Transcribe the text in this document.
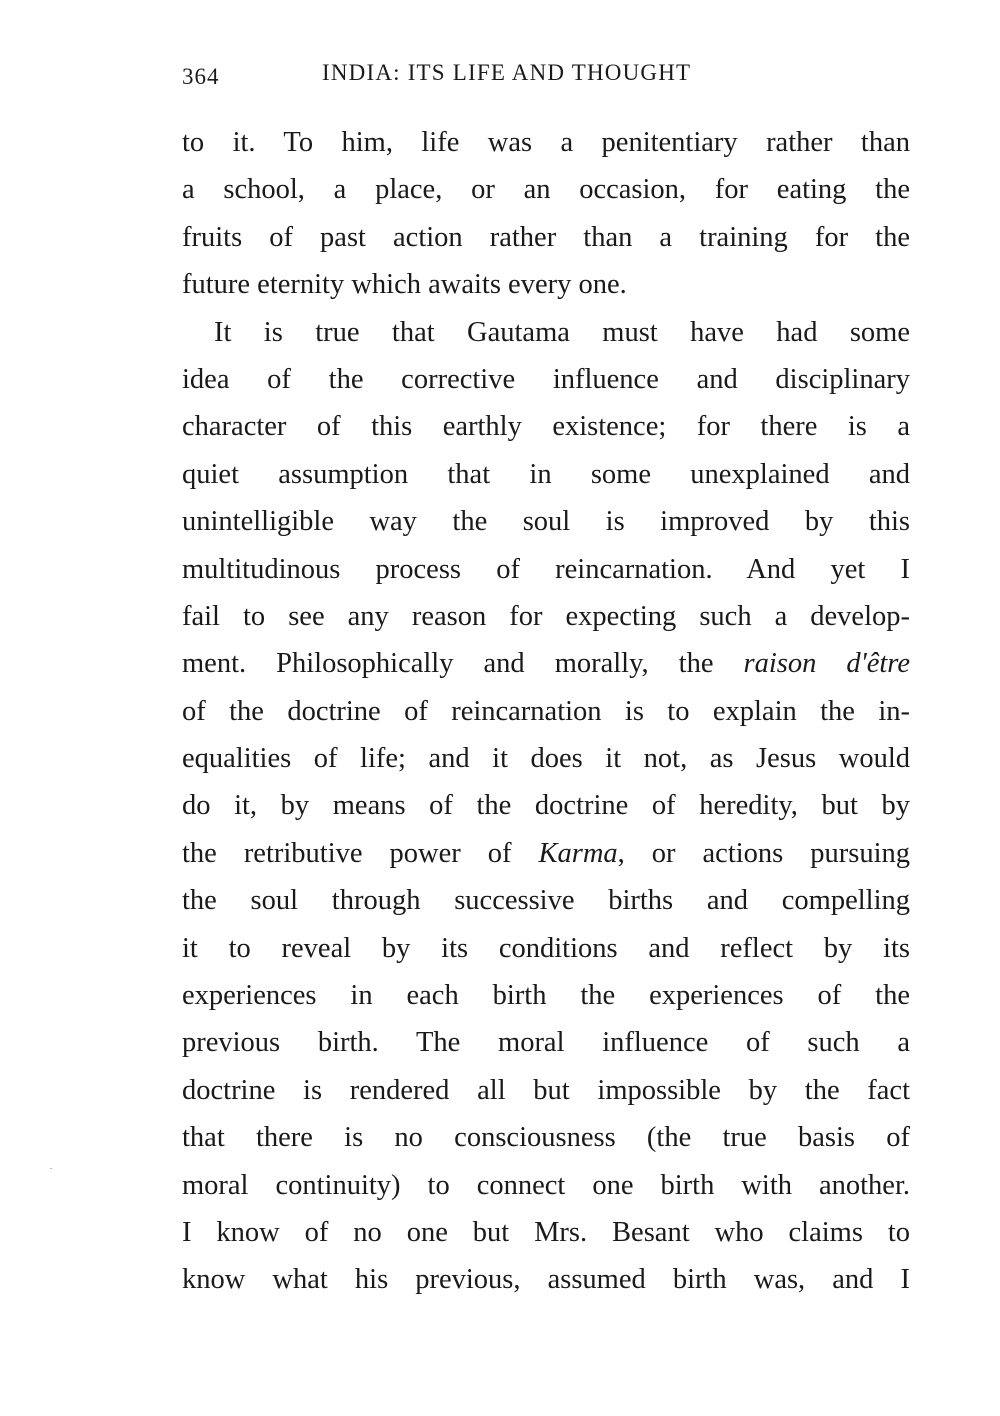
364	INDIA: ITS LIFE AND THOUGHT
to it. To him, life was a penitentiary rather than
a school, a place, or an occasion, for eating the
fruits of past action rather than a training for the
future eternity which awaits every one.
It is true that Gautama must have had some
idea of the corrective influence and disciplinary
character of this earthly existence; for there is a
quiet assumption that in some unexplained and
unintelligible way the soul is improved by this
multitudinous process of reincarnation. And yet I
fail to see any reason for expecting such a develop-
ment. Philosophically and morally, the raison d'être
of the doctrine of reincarnation is to explain the in-
equalities of life; and it does it not, as Jesus would
do it, by means of the doctrine of heredity, but by
the retributive power of Karma, or actions pursuing
the soul through successive births and compelling
it to reveal by its conditions and reflect by its
experiences in each birth the experiences of the
previous birth. The moral influence of such a
doctrine is rendered all but impossible by the fact
that there is no consciousness (the true basis of
moral continuity) to connect one birth with another.
I know of no one but Mrs. Besant who claims to
know what his previous, assumed birth was, and I
